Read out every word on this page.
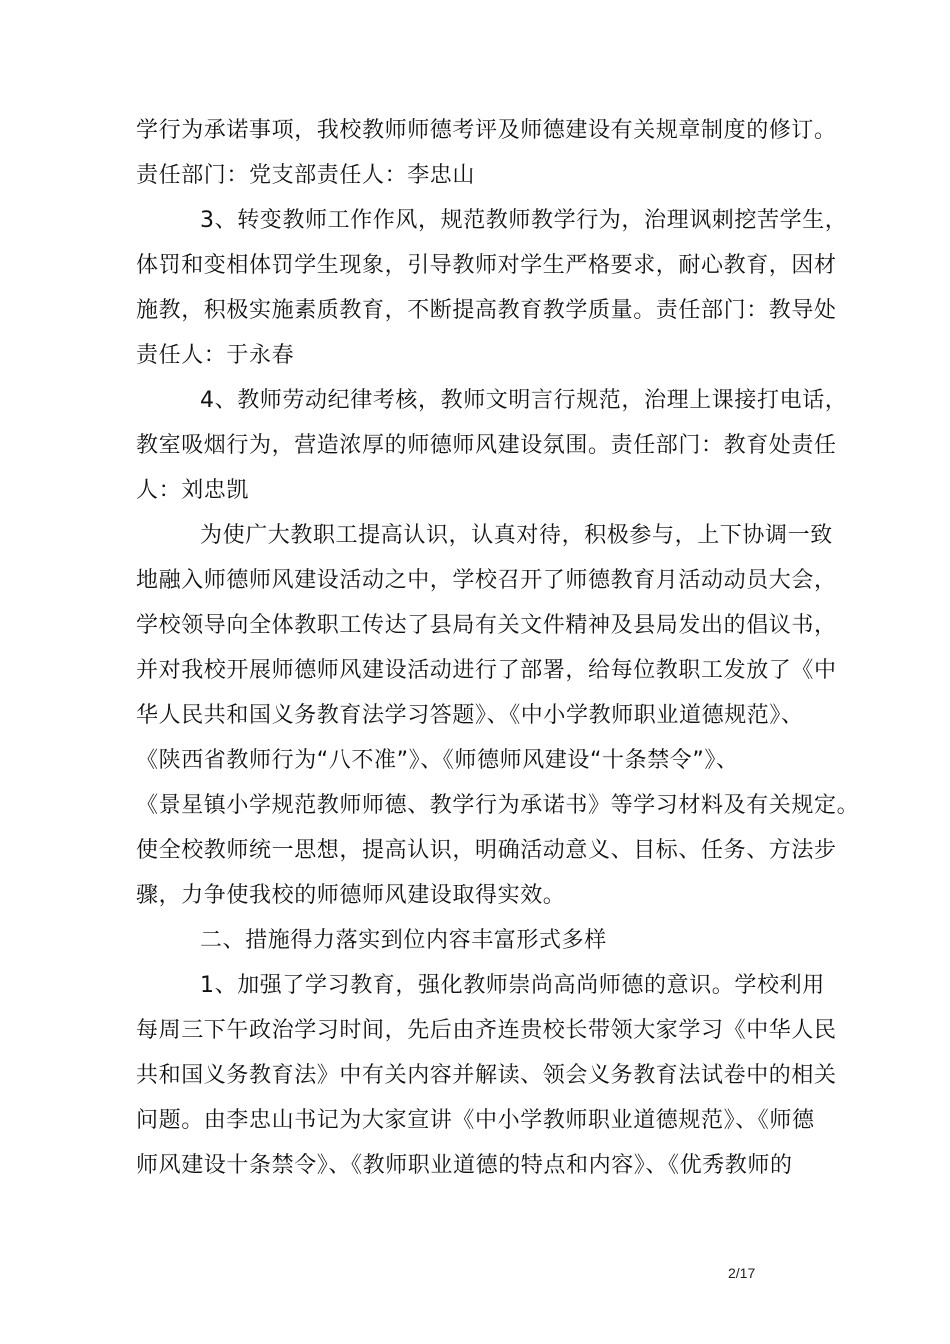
学行为承诺事项，我校教师师德考评及师德建设有关规章制度的修订。
责任部门：党支部责任人：李忠山
3、转变教师工作作风，规范教师教学行为，治理讽刺挖苦学生，
体罚和变相体罚学生现象，引导教师对学生严格要求，耐心教育，因材
施教，积极实施素质教育，不断提高教育教学质量。责任部门：教导处
责任人：于永春
4、教师劳动纪律考核，教师文明言行规范，治理上课接打电话，
教室吸烟行为，营造浓厚的师德师风建设氛围。责任部门：教育处责任
人：刘忠凯
为使广大教职工提高认识，认真对待，积极参与，上下协调一致
地融入师德师风建设活动之中，学校召开了师德教育月活动动员大会，
学校领导向全体教职工传达了县局有关文件精神及县局发出的倡议书，
并对我校开展师德师风建设活动进行了部署，给每位教职工发放了《中
华人民共和国义务教育法学习答题》、《中小学教师职业道德规范》、
《陕西省教师行为“八不准”》、《师德师风建设“十条禁令”》、
《景星镇小学规范教师师德、教学行为承诺书》等学习材料及有关规定。
使全校教师统一思想，提高认识，明确活动意义、目标、任务、方法步
骤，力争使我校的师德师风建设取得实效。
二、措施得力落实到位内容丰富形式多样
1、加强了学习教育，强化教师崇尚高尚师德的意识。学校利用
每周三下午政治学习时间，先后由齐连贵校长带领大家学习《中华人民
共和国义务教育法》中有关内容并解读、领会义务教育法试卷中的相关
问题。由李忠山书记为大家宣讲《中小学教师职业道德规范》、《师德
师风建设十条禁令》、《教师职业道德的特点和内容》、《优秀教师的
2/17
